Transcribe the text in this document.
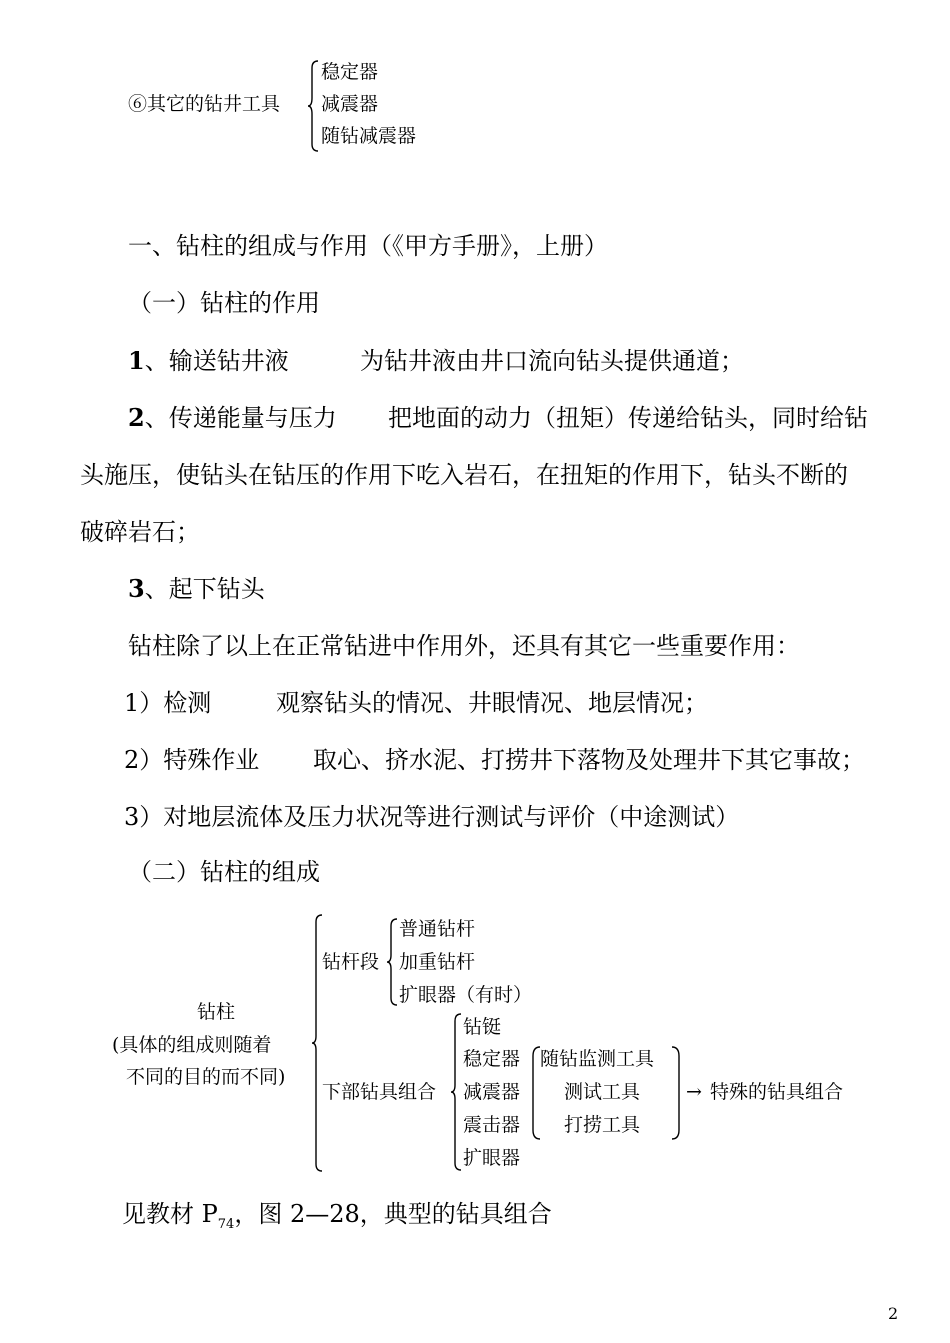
⑥其它的钻井工具
稳定器
减震器
随钻减震器
一、钻柱的组成与作用（《甲方手册》，上册）
（一）钻柱的作用
1、输送钻井液	为钻井液由井口流向钻头提供通道；
2、传递能量与压力 把地面的动力（扭矩）传递给钻头，同时给钻
头施压，使钻头在钻压的作用下吃入岩石，在扭矩的作用下，钻头不断的
破碎岩石；
3、起下钻头
钻柱除了以上在正常钻进中作用外，还具有其它一些重要作用：
1）检测	观察钻头的情况、井眼情况、地层情况；
2）特殊作业 取心、挤水泥、打捞井下落物及处理井下其它事故；
3）对地层流体及压力状况等进行测试与评价（中途测试）
（二）钻柱的组成
钻柱
(具体的组成则随着
不同的目的而不同)
钻杆段
普通钻杆
加重钻杆
扩眼器（有时）
下部钻具组合
钻铤
稳定器
减震器
震击器
扩眼器
随钻监测工具
测试工具
打捞工具
→ 特殊的钻具组合
见教材 $P_{74}$，图 2—28，典型的钻具组合
2
